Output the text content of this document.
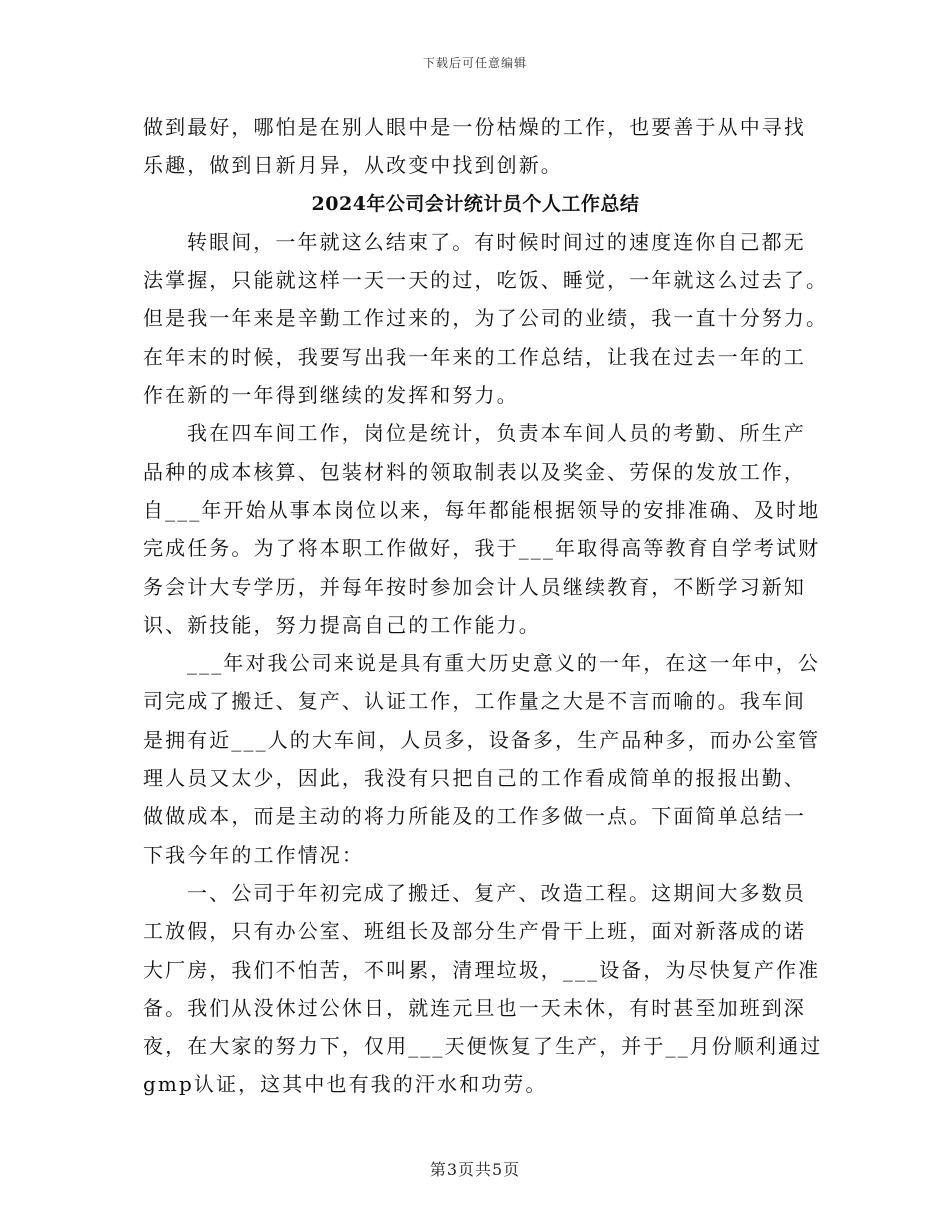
下载后可任意编辑
做到最好，哪怕是在别人眼中是一份枯燥的工作，也要善于从中寻找
乐趣，做到日新月异，从改变中找到创新。
2024年公司会计统计员个人工作总结
转眼间，一年就这么结束了。有时候时间过的速度连你自己都无
法掌握，只能就这样一天一天的过，吃饭、睡觉，一年就这么过去了。
但是我一年来是辛勤工作过来的，为了公司的业绩，我一直十分努力。
在年末的时候，我要写出我一年来的工作总结，让我在过去一年的工
作在新的一年得到继续的发挥和努力。
我在四车间工作，岗位是统计，负责本车间人员的考勤、所生产
品种的成本核算、包装材料的领取制表以及奖金、劳保的发放工作，
自___年开始从事本岗位以来，每年都能根据领导的安排准确、及时地
完成任务。为了将本职工作做好，我于___年取得高等教育自学考试财
务会计大专学历，并每年按时参加会计人员继续教育，不断学习新知
识、新技能，努力提高自己的工作能力。
___年对我公司来说是具有重大历史意义的一年，在这一年中，公
司完成了搬迁、复产、认证工作，工作量之大是不言而喻的。我车间
是拥有近___人的大车间，人员多，设备多，生产品种多，而办公室管
理人员又太少，因此，我没有只把自己的工作看成简单的报报出勤、
做做成本，而是主动的将力所能及的工作多做一点。下面简单总结一
下我今年的工作情况：
一、公司于年初完成了搬迁、复产、改造工程。这期间大多数员
工放假，只有办公室、班组长及部分生产骨干上班，面对新落成的诺
大厂房，我们不怕苦，不叫累，清理垃圾，___设备，为尽快复产作准
备。我们从没休过公休日，就连元旦也一天未休，有时甚至加班到深
夜，在大家的努力下，仅用___天便恢复了生产，并于__月份顺利通过
gmp认证，这其中也有我的汗水和功劳。
第3页共5页
